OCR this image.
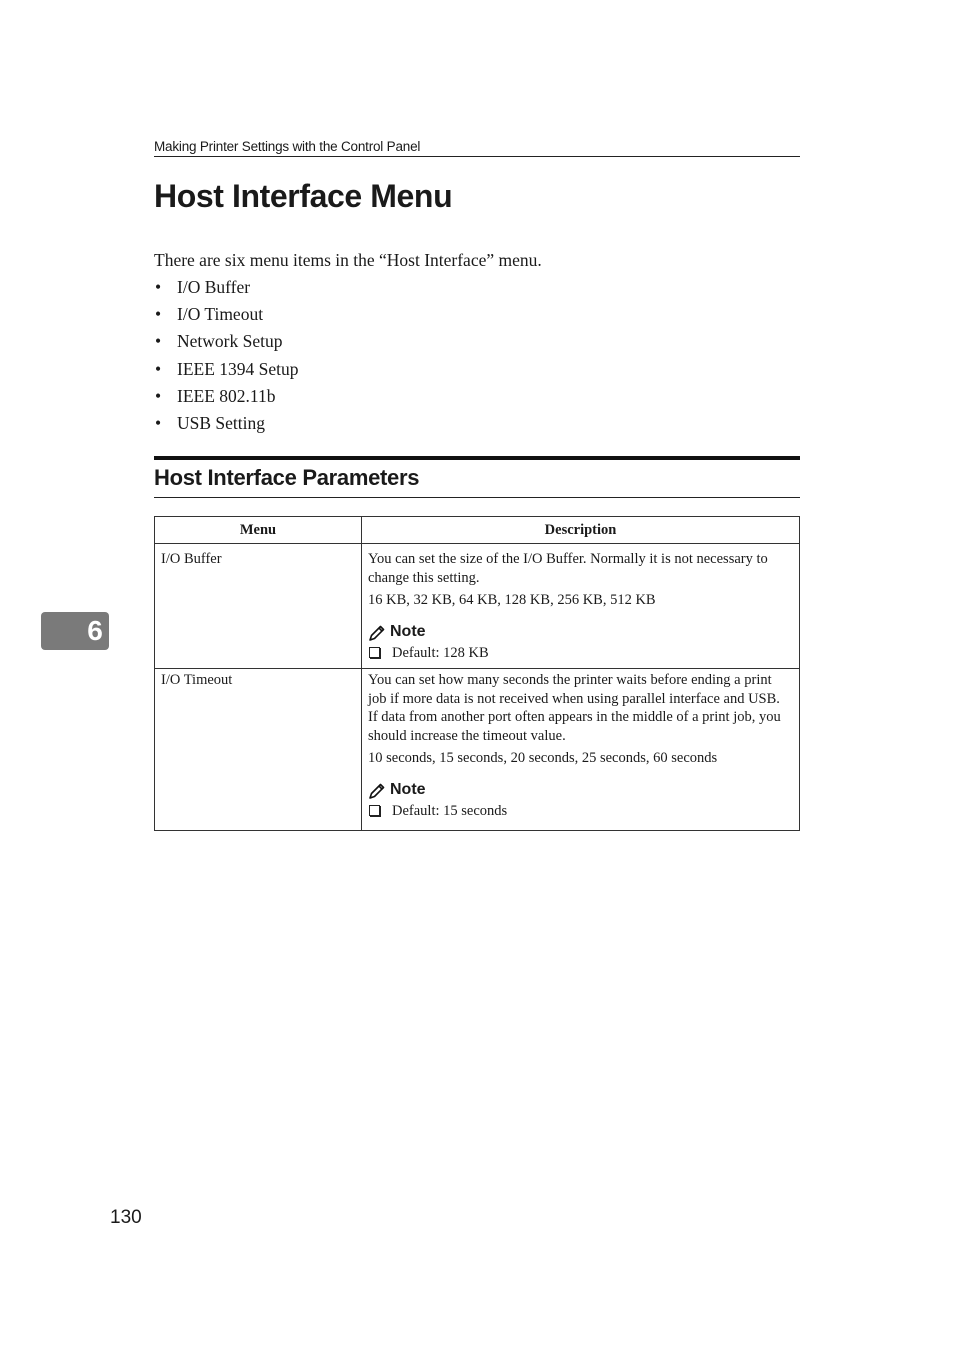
Making Printer Settings with the Control Panel
Host Interface Menu

There are six menu items in the “Host Interface” menu.

• I/O Buffer
• I/O Timeout
• Network Setup
• IEEE 1394 Setup
• IEEE 802.11b
• USB Setting
Host Interface Parameters
6
Menu	Description
I/O Buffer	You can set the size of the I/O Buffer. Normally it is not necessary to change this setting.

16 KB, 32 KB, 64 KB, 128 KB, 256 KB, 512 KB

Note
Default: 128 KB

I/O Timeout	You can set how many seconds the printer waits before ending a print job if more data is not received when using parallel interface and USB. If data from another port often appears in the middle of a print job, you should increase the timeout value.

10 seconds, 15 seconds, 20 seconds, 25 seconds, 60 seconds

Note
Default: 15 seconds
130
